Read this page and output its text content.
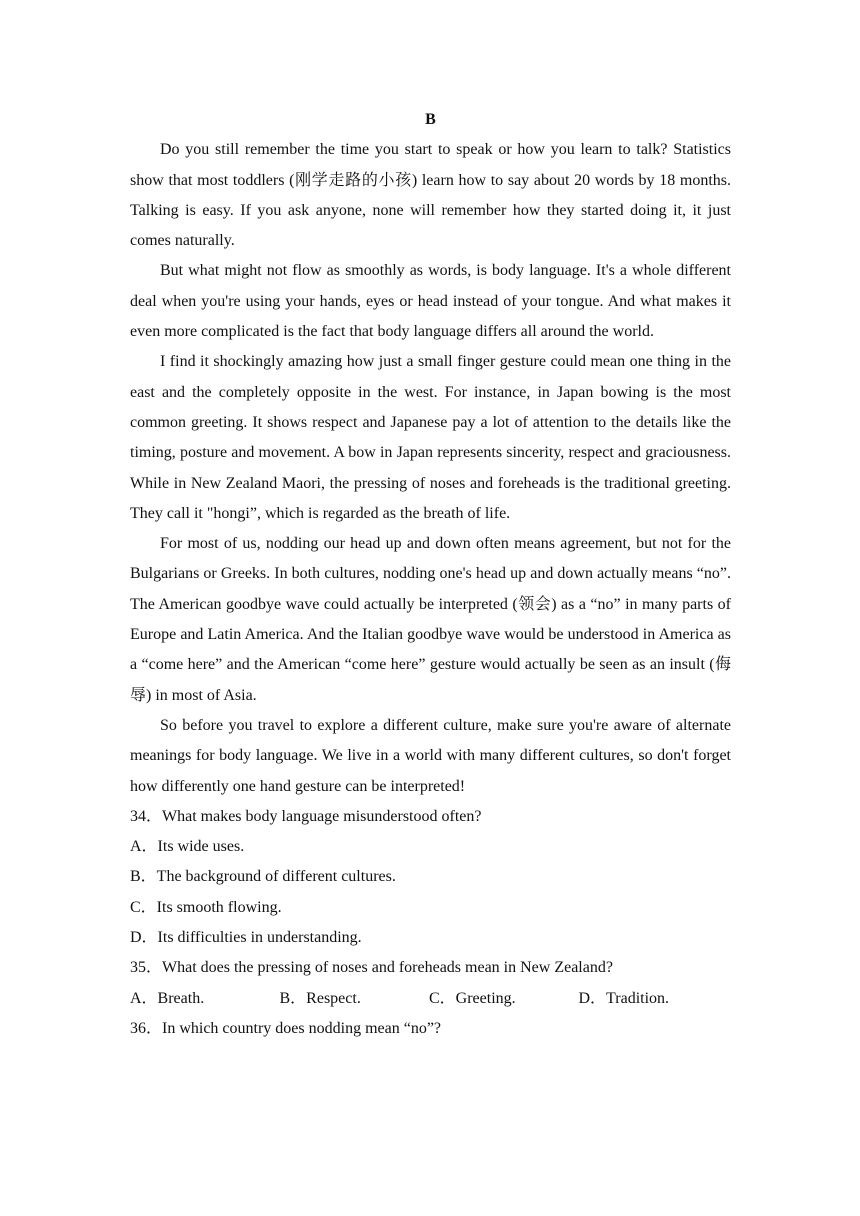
B

Do you still remember the time you start to speak or how you learn to talk? Statistics show that most toddlers (刚学走路的小孩) learn how to say about 20 words by 18 months. Talking is easy. If you ask anyone, none will remember how they started doing it, it just comes naturally.

But what might not flow as smoothly as words, is body language. It's a whole different deal when you're using your hands, eyes or head instead of your tongue. And what makes it even more complicated is the fact that body language differs all around the world.

I find it shockingly amazing how just a small finger gesture could mean one thing in the east and the completely opposite in the west. For instance, in Japan bowing is the most common greeting. It shows respect and Japanese pay a lot of attention to the details like the timing, posture and movement. A bow in Japan represents sincerity, respect and graciousness. While in New Zealand Maori, the pressing of noses and foreheads is the traditional greeting. They call it "hongi”, which is regarded as the breath of life.

For most of us, nodding our head up and down often means agreement, but not for the Bulgarians or Greeks. In both cultures, nodding one's head up and down actually means “no”. The American goodbye wave could actually be interpreted (领会) as a “no” in many parts of Europe and Latin America. And the Italian goodbye wave would be understood in America as a “come here” and the American “come here” gesture would actually be seen as an insult (侮辱) in most of Asia.

So before you travel to explore a different culture, make sure you're aware of alternate meanings for body language. We live in a world with many different cultures, so don't forget how differently one hand gesture can be interpreted!

34．What makes body language misunderstood often?

A．Its wide uses.

B．The background of different cultures.

C．Its smooth flowing.

D．Its difficulties in understanding.

35．What does the pressing of noses and foreheads mean in New Zealand?

A．Breath.	B．Respect.	C．Greeting.	D．Tradition.

36．In which country does nodding mean “no”?
